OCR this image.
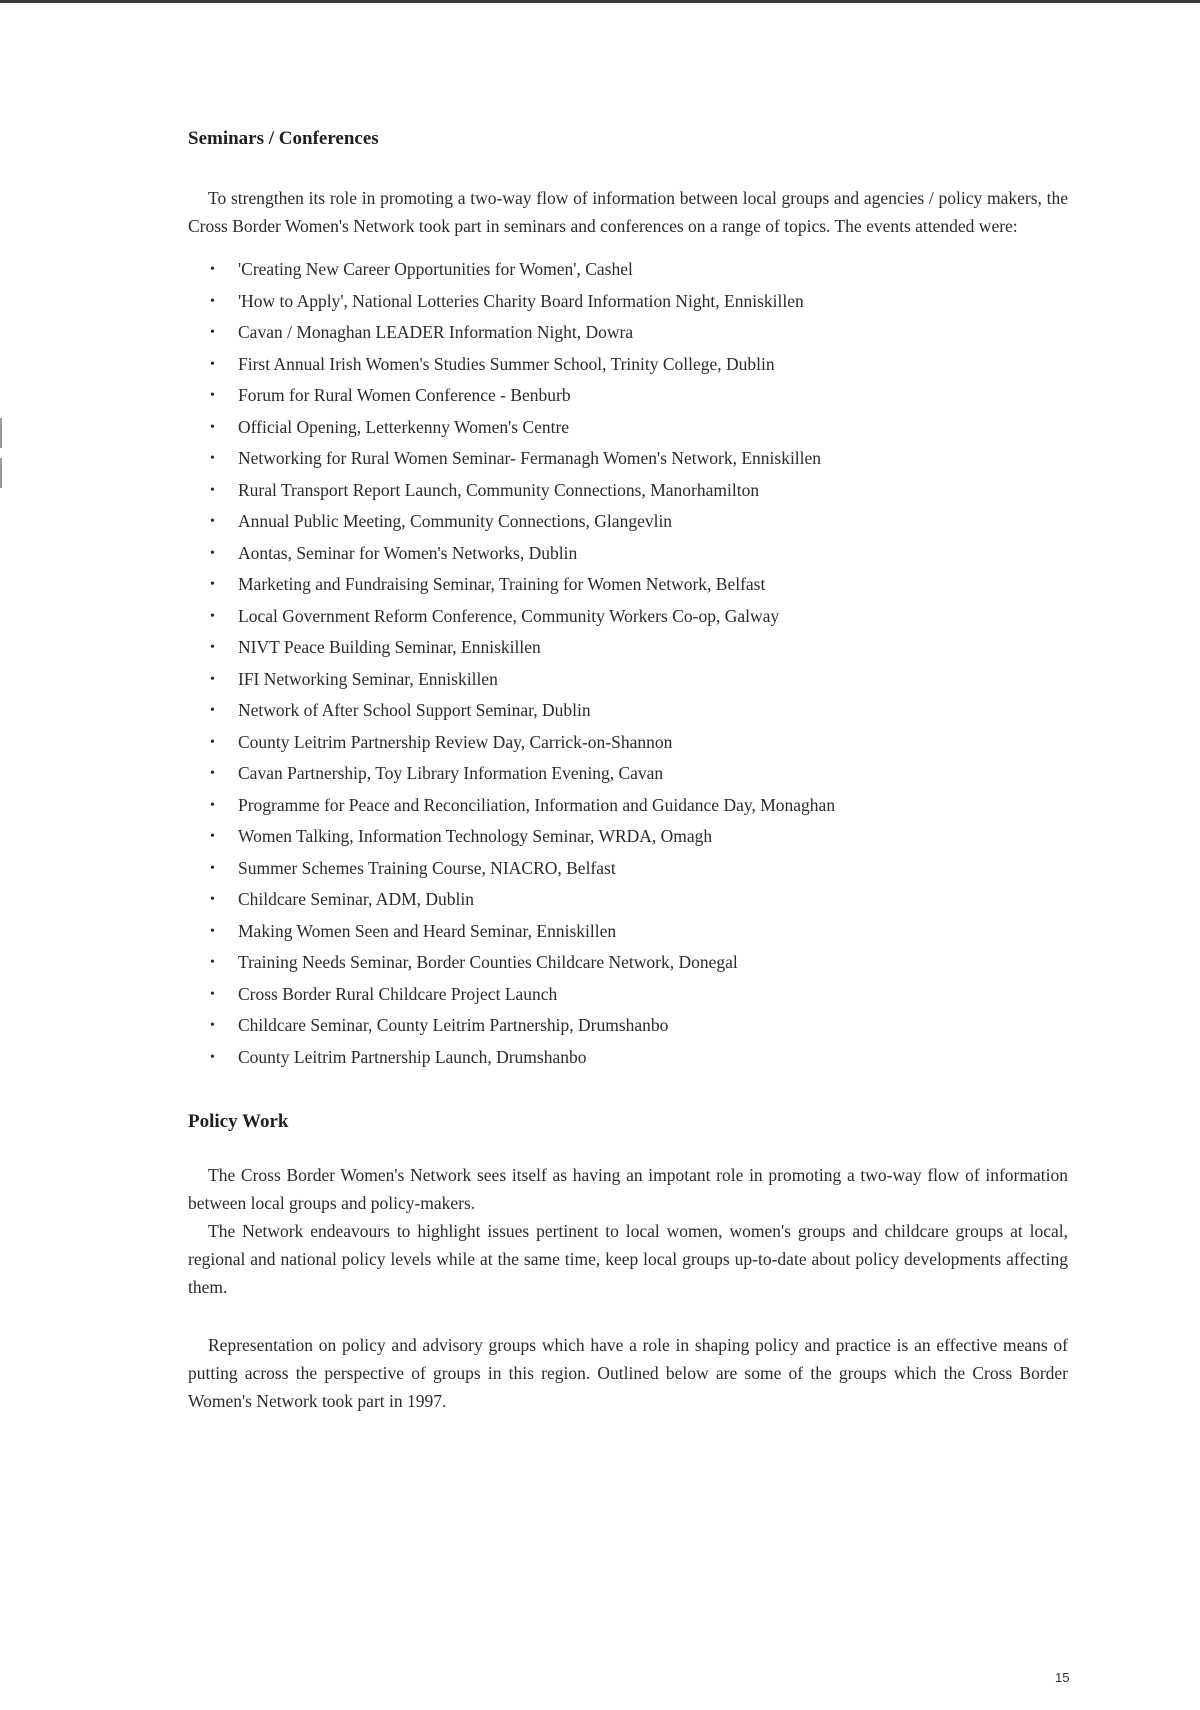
Seminars / Conferences

To strengthen its role in promoting a two-way flow of information between local groups and agencies / policy makers, the Cross Border Women's Network took part in seminars and conferences on a range of topics. The events attended were:

• 'Creating New Career Opportunities for Women', Cashel
• 'How to Apply', National Lotteries Charity Board Information Night, Enniskillen
• Cavan / Monaghan LEADER Information Night, Dowra
• First Annual Irish Women's Studies Summer School, Trinity College, Dublin
• Forum for Rural Women Conference - Benburb
• Official Opening, Letterkenny Women's Centre
• Networking for Rural Women Seminar- Fermanagh Women's Network, Enniskillen
• Rural Transport Report Launch, Community Connections, Manorhamilton
• Annual Public Meeting, Community Connections, Glangevlin
• Aontas, Seminar for Women's Networks, Dublin
• Marketing and Fundraising Seminar, Training for Women Network, Belfast
• Local Government Reform Conference, Community Workers Co-op, Galway
• NIVT Peace Building Seminar, Enniskillen
• IFI Networking Seminar, Enniskillen
• Network of After School Support Seminar, Dublin
• County Leitrim Partnership Review Day, Carrick-on-Shannon
• Cavan Partnership, Toy Library Information Evening, Cavan
• Programme for Peace and Reconciliation, Information and Guidance Day, Monaghan
• Women Talking, Information Technology Seminar, WRDA, Omagh
• Summer Schemes Training Course, NIACRO, Belfast
• Childcare Seminar, ADM, Dublin
• Making Women Seen and Heard Seminar, Enniskillen
• Training Needs Seminar, Border Counties Childcare Network, Donegal
• Cross Border Rural Childcare Project Launch
• Childcare Seminar, County Leitrim Partnership, Drumshanbo
• County Leitrim Partnership Launch, Drumshanbo
Policy Work

The Cross Border Women's Network sees itself as having an impotant role in promoting a two-way flow of information between local groups and policy-makers.

The Network endeavours to highlight issues pertinent to local women, women's groups and childcare groups at local, regional and national policy levels while at the same time, keep local groups up-to-date about policy developments affecting them.

Representation on policy and advisory groups which have a role in shaping policy and practice is an effective means of putting across the perspective of groups in this region. Outlined below are some of the groups which the Cross Border Women's Network took part in 1997.

15
